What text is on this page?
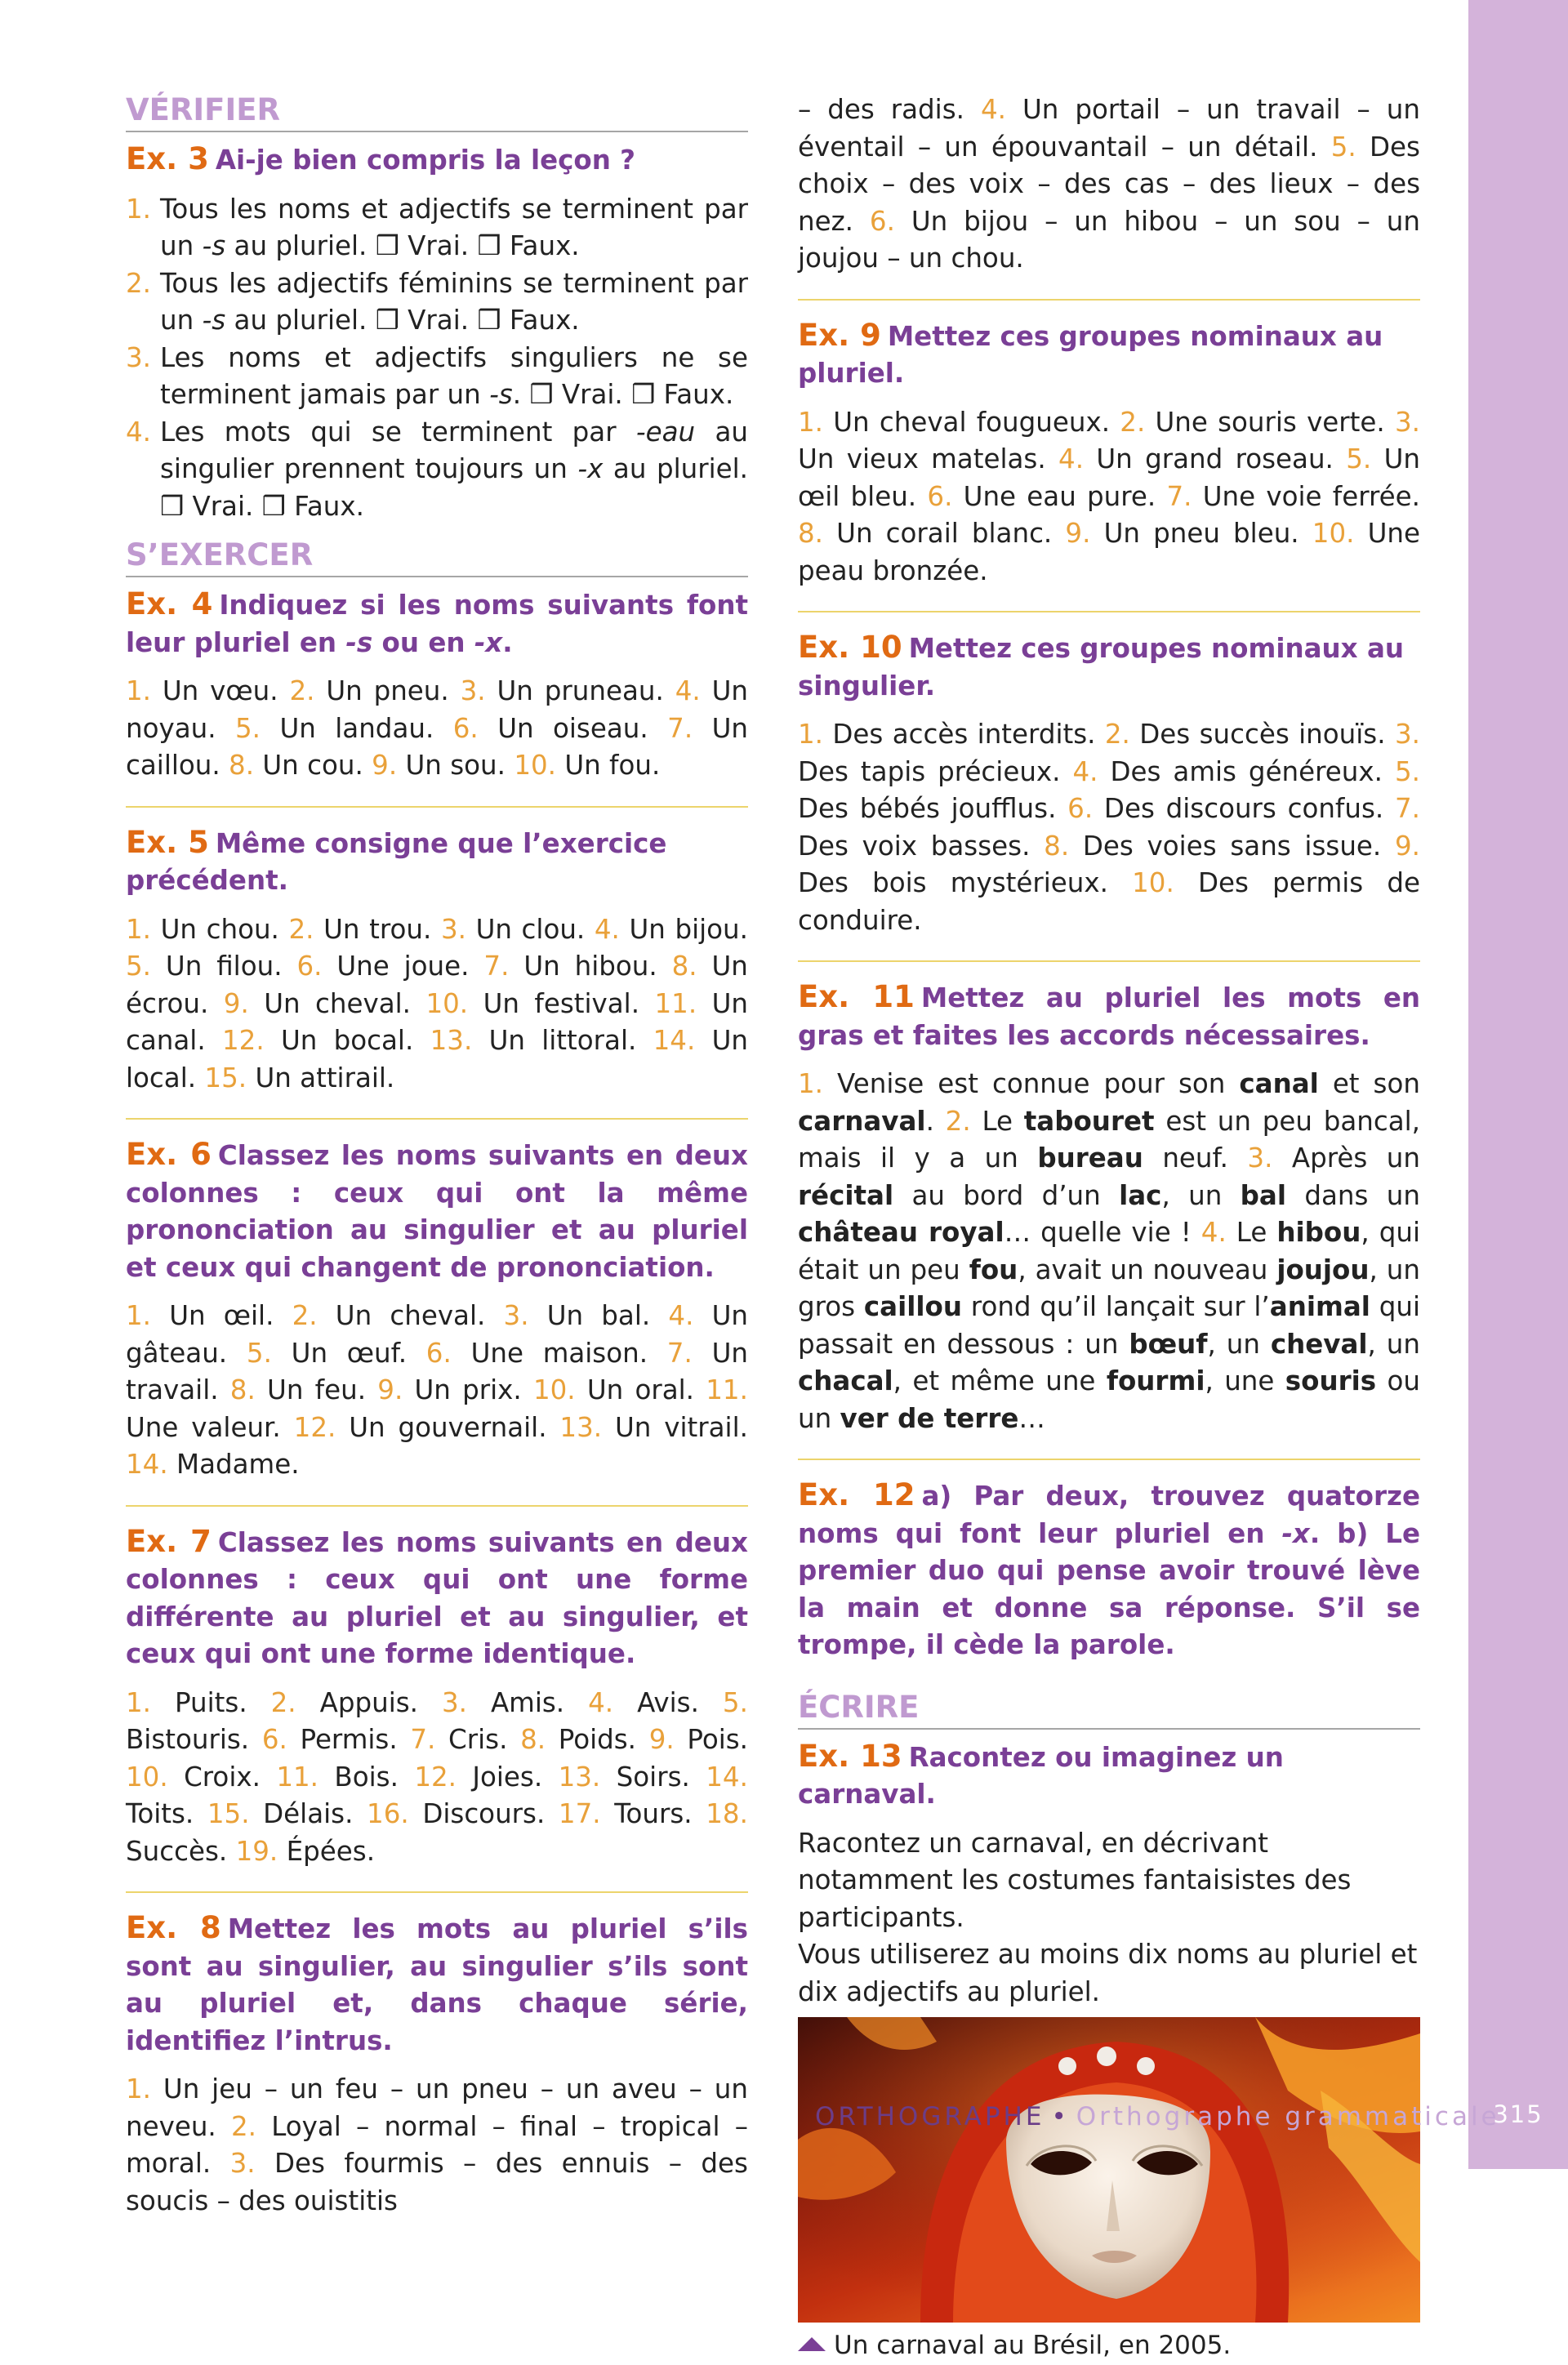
315
VÉRIFIER
Ex. 3 Ai-je bien compris la leçon ?
1. Tous les noms et adjectifs se terminent par un -s au pluriel. ❒ Vrai. ❒ Faux.
2. Tous les adjectifs féminins se terminent par un -s au pluriel. ❒ Vrai. ❒ Faux.
3. Les noms et adjectifs singuliers ne se terminent jamais par un -s. ❒ Vrai. ❒ Faux.
4. Les mots qui se terminent par -eau au singulier prennent toujours un -x au pluriel. ❒ Vrai. ❒ Faux.
S’EXERCER
Ex. 4 Indiquez si les noms suivants font leur pluriel en -s ou en -x.
1. Un vœu. 2. Un pneu. 3. Un pruneau. 4. Un noyau. 5. Un landau. 6. Un oiseau. 7. Un caillou. 8. Un cou. 9. Un sou. 10. Un fou.
Ex. 5 Même consigne que l’exercice précédent.
1. Un chou. 2. Un trou. 3. Un clou. 4. Un bijou. 5. Un filou. 6. Une joue. 7. Un hibou. 8. Un écrou. 9. Un cheval. 10. Un festival. 11. Un canal. 12. Un bocal. 13. Un littoral. 14. Un local. 15. Un attirail.
Ex. 6 Classez les noms suivants en deux colonnes : ceux qui ont la même prononciation au singulier et au pluriel et ceux qui changent de prononciation.
1. Un œil. 2. Un cheval. 3. Un bal. 4. Un gâteau. 5. Un œuf. 6. Une maison. 7. Un travail. 8. Un feu. 9. Un prix. 10. Un oral. 11. Une valeur. 12. Un gouvernail. 13. Un vitrail. 14. Madame.
Ex. 7 Classez les noms suivants en deux colonnes : ceux qui ont une forme différente au pluriel et au singulier, et ceux qui ont une forme identique.
1. Puits. 2. Appuis. 3. Amis. 4. Avis. 5. Bistouris. 6. Permis. 7. Cris. 8. Poids. 9. Pois. 10. Croix. 11. Bois. 12. Joies. 13. Soirs. 14. Toits. 15. Délais. 16. Discours. 17. Tours. 18. Succès. 19. Épées.
Ex. 8 Mettez les mots au pluriel s’ils sont au singulier, au singulier s’ils sont au pluriel et, dans chaque série, identifiez l’intrus.
1. Un jeu – un feu – un pneu – un aveu – un neveu. 2. Loyal – normal – final – tropical – moral. 3. Des fourmis – des ennuis – des soucis – des ouistitis
– des radis. 4. Un portail – un travail – un éventail – un épouvantail – un détail. 5. Des choix – des voix – des cas – des lieux – des nez. 6. Un bijou – un hibou – un sou – un joujou – un chou.
Ex. 9 Mettez ces groupes nominaux au pluriel.
1. Un cheval fougueux. 2. Une souris verte. 3. Un vieux matelas. 4. Un grand roseau. 5. Un œil bleu. 6. Une eau pure. 7. Une voie ferrée. 8. Un corail blanc. 9. Un pneu bleu. 10. Une peau bronzée.
Ex. 10 Mettez ces groupes nominaux au singulier.
1. Des accès interdits. 2. Des succès inouïs. 3. Des tapis précieux. 4. Des amis généreux. 5. Des bébés joufflus. 6. Des discours confus. 7. Des voix basses. 8. Des voies sans issue. 9. Des bois mystérieux. 10. Des permis de conduire.
Ex. 11 Mettez au pluriel les mots en gras et faites les accords nécessaires.
1. Venise est connue pour son canal et son carnaval. 2. Le tabouret est un peu bancal, mais il y a un bureau neuf. 3. Après un récital au bord d’un lac, un bal dans un château royal… quelle vie ! 4. Le hibou, qui était un peu fou, avait un nouveau joujou, un gros caillou rond qu’il lançait sur l’animal qui passait en dessous : un bœuf, un cheval, un chacal, et même une fourmi, une souris ou un ver de terre…
Ex. 12 a) Par deux, trouvez quatorze noms qui font leur pluriel en -x. b) Le premier duo qui pense avoir trouvé lève la main et donne sa réponse. S’il se trompe, il cède la parole.
ÉCRIRE
Ex. 13 Racontez ou imaginez un carnaval.
Racontez un carnaval, en décrivant notamment les costumes fantaisistes des participants.
Vous utiliserez au moins dix noms au pluriel et dix adjectifs au pluriel.
Un carnaval au Brésil, en 2005.
ORTHOGRAPHE • Orthographe grammaticale
